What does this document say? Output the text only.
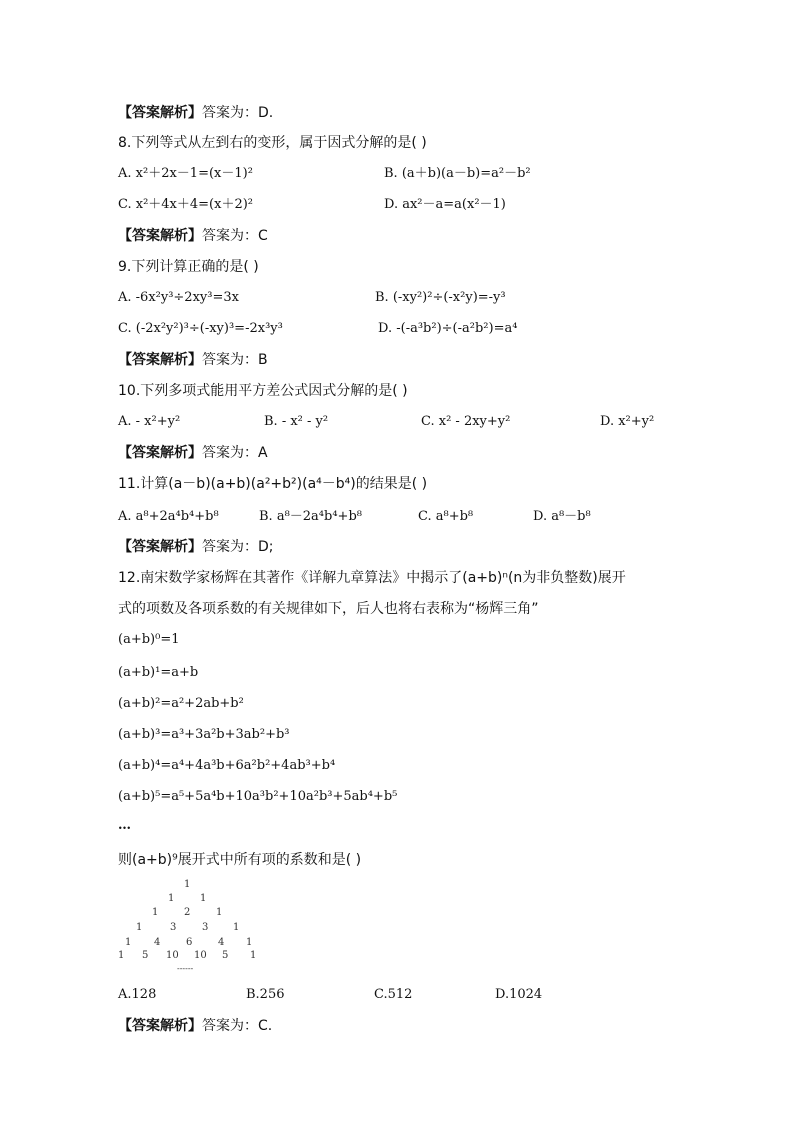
【答案解析】答案为：D.
8.下列等式从左到右的变形，属于因式分解的是( )
A. x²＋2x－1=(x－1)²	B. (a＋b)(a－b)=a²－b²
C. x²＋4x＋4=(x＋2)²	D. ax²－a=a(x²－1)
【答案解析】答案为：C
9.下列计算正确的是( )
A. -6x²y³÷2xy³=3x	B. (-xy²)²÷(-x²y)=-y³
C. (-2x²y²)³÷(-xy)³=-2x³y³	D. -(-a³b²)÷(-a²b²)=a⁴
【答案解析】答案为：B
10.下列多项式能用平方差公式因式分解的是( )
A. - x²+y²	B. - x² - y²	C. x² - 2xy+y²	D. x²+y²
【答案解析】答案为：A
11.计算(a－b)(a+b)(a²+b²)(a⁴－b⁴)的结果是( )
A. a⁸+2a⁴b⁴+b⁸	B. a⁸－2a⁴b⁴+b⁸	C. a⁸+b⁸	D. a⁸－b⁸
【答案解析】答案为：D;
12.南宋数学家杨辉在其著作《详解九章算法》中揭示了(a+b)ⁿ(n为非负整数)展开
式的项数及各项系数的有关规律如下，后人也将右表称为“杨辉三角”
(a+b)⁰=1
(a+b)¹=a+b
(a+b)²=a²+2ab+b²
(a+b)³=a³+3a²b+3ab²+b³
(a+b)⁴=a⁴+4a³b+6a²b²+4ab³+b⁴
(a+b)⁵=a⁵+5a⁴b+10a³b²+10a²b³+5ab⁴+b⁵
…
则(a+b)⁹展开式中所有项的系数和是( )
1
1	1
1	2	1
1	3	3 1
1 4	6	4 1
1 5 10 10 5 1
------
A.128	B.256	C.512	D.1024
【答案解析】答案为：C.
